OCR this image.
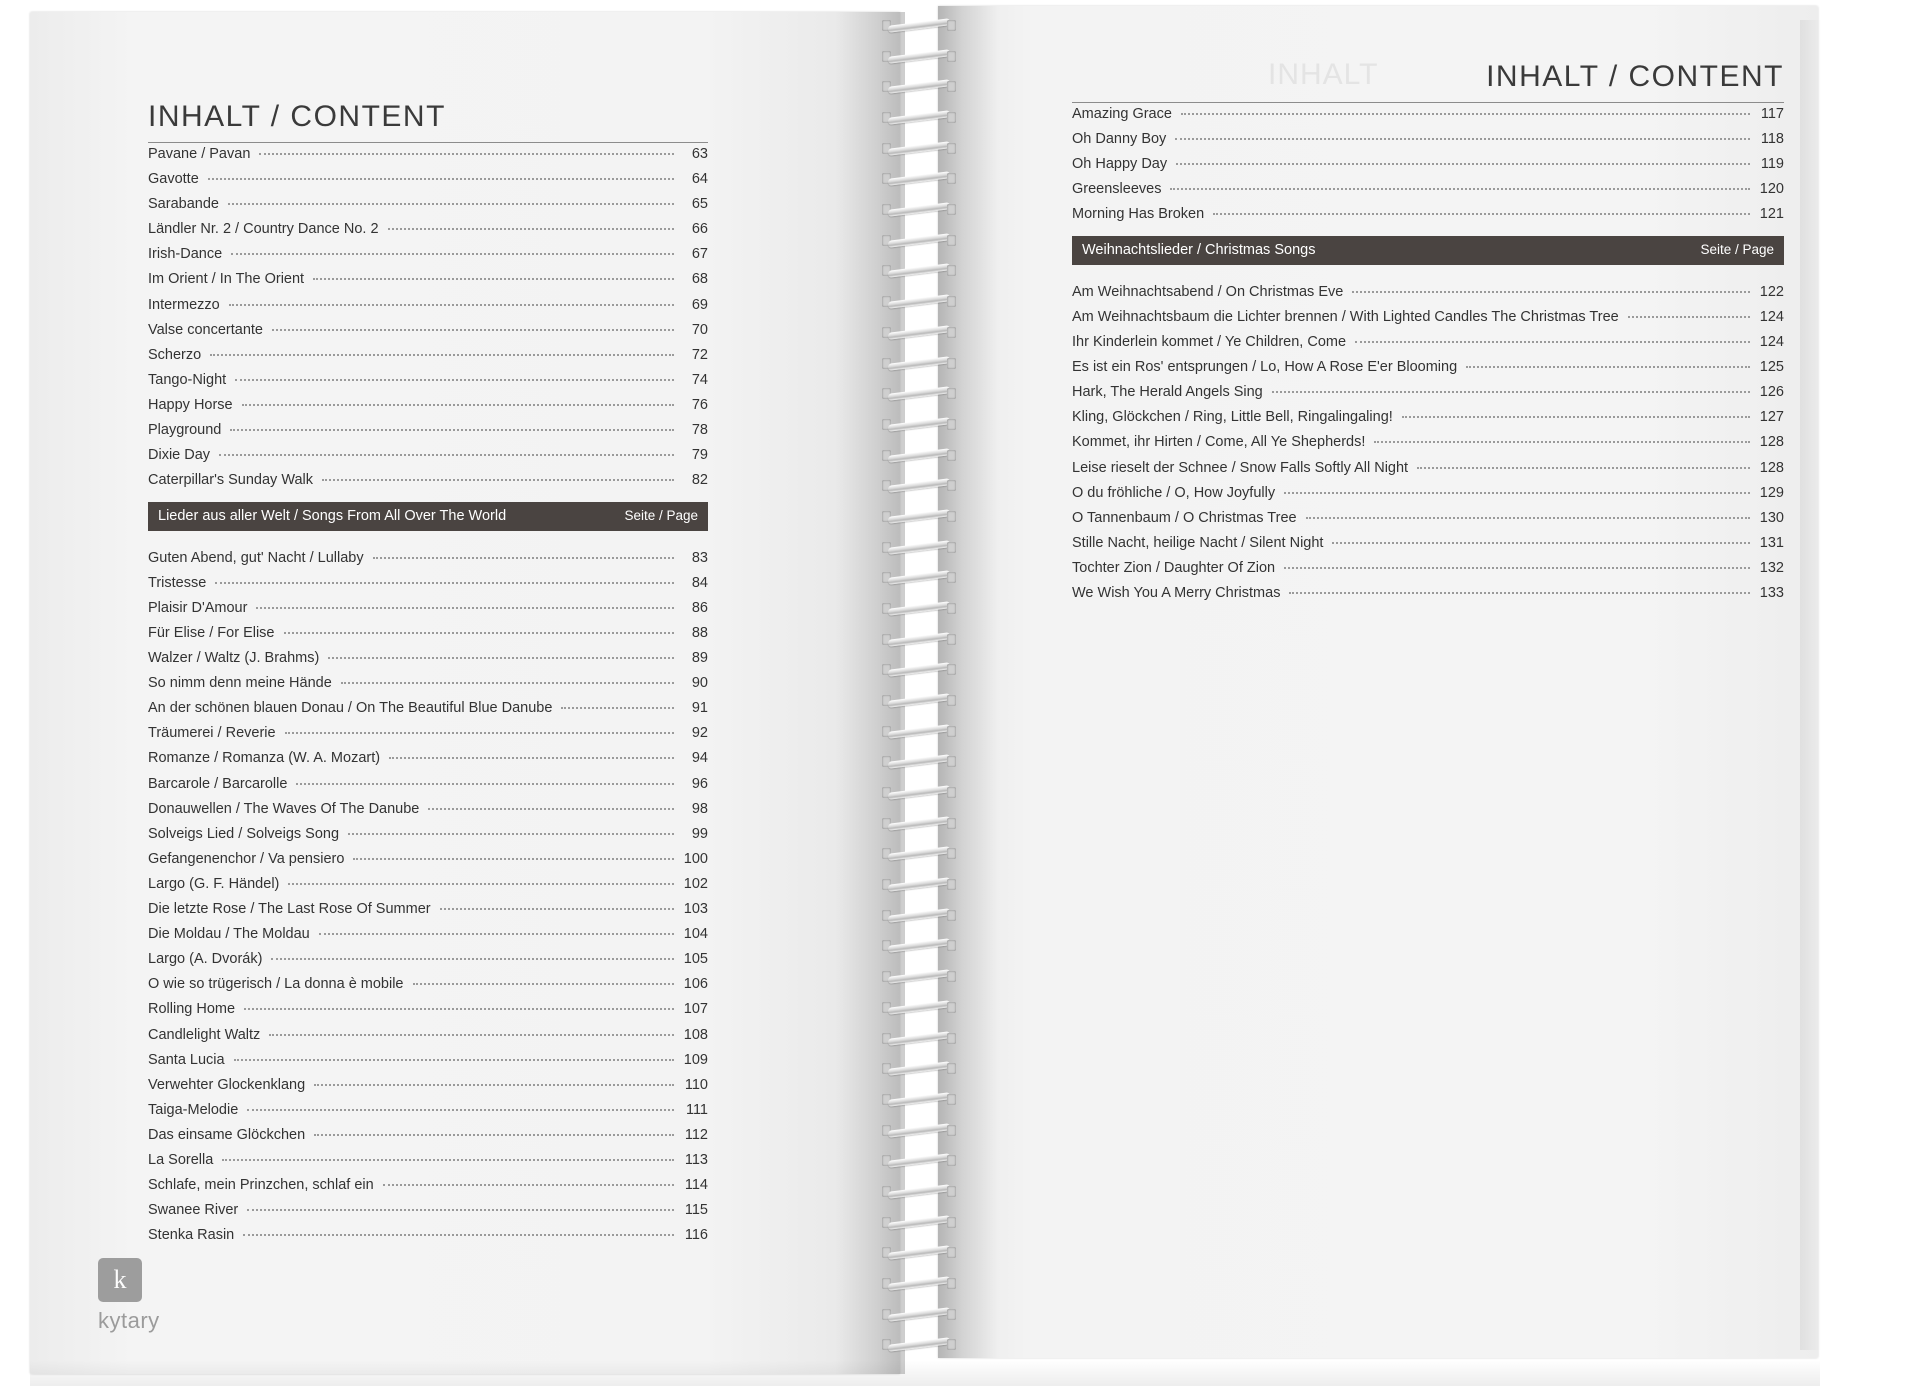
INHALT / CONTENT
Pavane / Pavan	63
Gavotte	64
Sarabande	65
Ländler Nr. 2 / Country Dance No. 2	66
Irish-Dance	67
Im Orient / In The Orient	68
Intermezzo	69
Valse concertante	70
Scherzo	72
Tango-Night	74
Happy Horse	76
Playground	78
Dixie Day	79
Caterpillar's Sunday Walk	82
Lieder aus aller Welt / Songs From All Over The World	Seite / Page
Guten Abend, gut' Nacht / Lullaby	83
Tristesse	84
Plaisir D'Amour	86
Für Elise / For Elise	88
Walzer / Waltz (J. Brahms)	89
So nimm denn meine Hände	90
An der schönen blauen Donau / On The Beautiful Blue Danube	91
Träumerei / Reverie	92
Romanze / Romanza (W. A. Mozart)	94
Barcarole / Barcarolle	96
Donauwellen / The Waves Of The Danube	98
Solveigs Lied / Solveigs Song	99
Gefangenenchor / Va pensiero	100
Largo (G. F. Händel)	102
Die letzte Rose / The Last Rose Of Summer	103
Die Moldau / The Moldau	104
Largo (A. Dvorák)	105
O wie so trügerisch / La donna è mobile	106
Rolling Home	107
Candlelight Waltz	108
Santa Lucia	109
Verwehter Glockenklang	110
Taiga-Melodie	111
Das einsame Glöckchen	112
La Sorella	113
Schlafe, mein Prinzchen, schlaf ein	114
Swanee River	115
Stenka Rasin	116
INHALT / CONTENT
Amazing Grace	117
Oh Danny Boy	118
Oh Happy Day	119
Greensleeves	120
Morning Has Broken	121
Weihnachtslieder / Christmas Songs	Seite / Page
Am Weihnachtsabend / On Christmas Eve	122
Am Weihnachtsbaum die Lichter brennen / With Lighted Candles The Christmas Tree	124
Ihr Kinderlein kommet / Ye Children, Come	124
Es ist ein Ros' entsprungen / Lo, How A Rose E'er Blooming	125
Hark, The Herald Angels Sing	126
Kling, Glöckchen / Ring, Little Bell, Ringalingaling!	127
Kommet, ihr Hirten / Come, All Ye Shepherds!	128
Leise rieselt der Schnee / Snow Falls Softly All Night	128
O du fröhliche / O, How Joyfully	129
O Tannenbaum / O Christmas Tree	130
Stille Nacht, heilige Nacht / Silent Night	131
Tochter Zion / Daughter Of Zion	132
We Wish You A Merry Christmas	133
k
kytary
